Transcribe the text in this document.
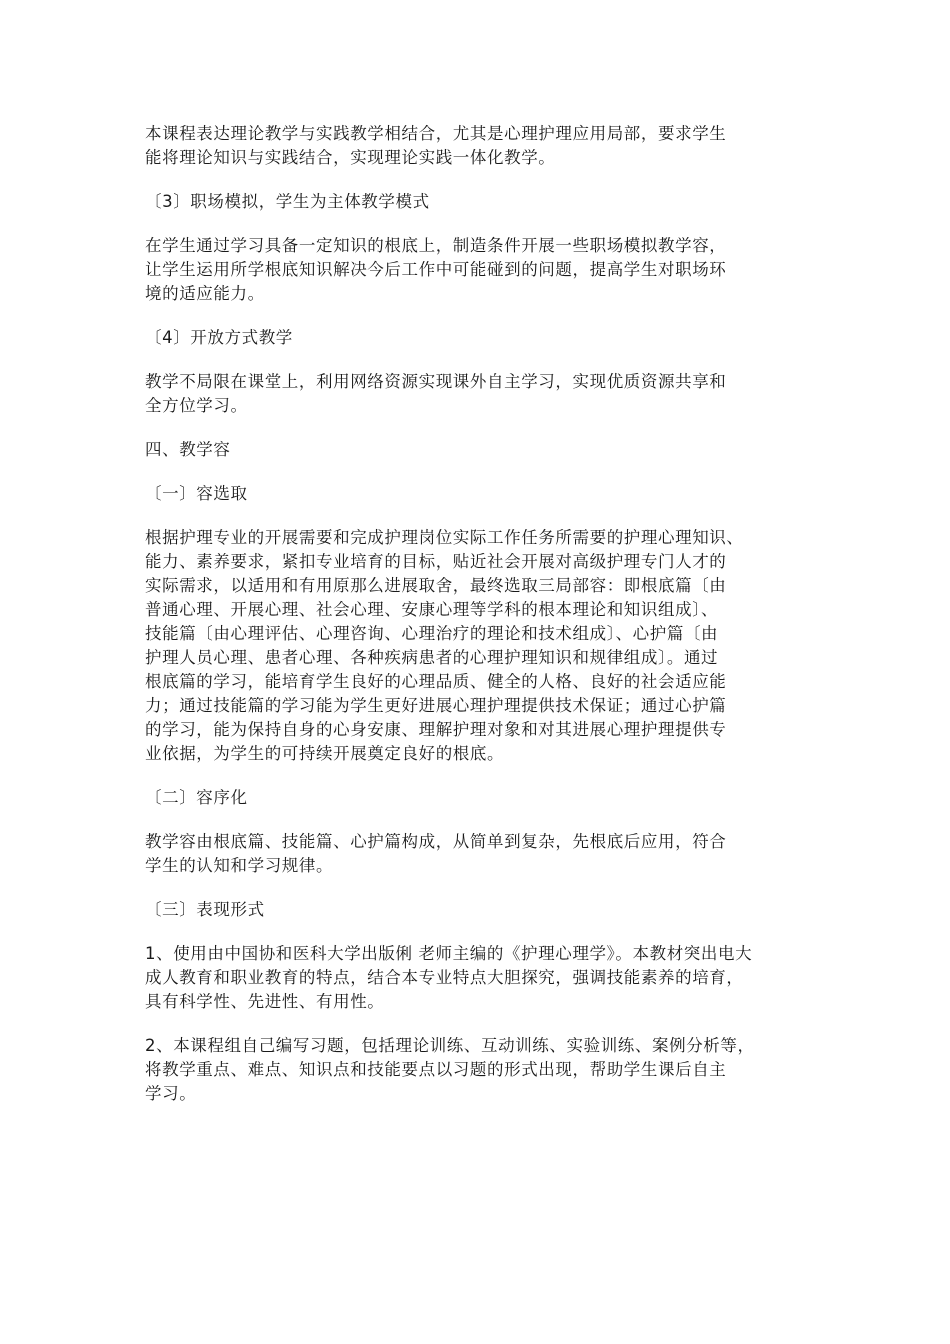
本课程表达理论教学与实践教学相结合，尤其是心理护理应用局部，要求学生
能将理论知识与实践结合，实现理论实践一体化教学。

〔3〕职场模拟，学生为主体教学模式

在学生通过学习具备一定知识的根底上，制造条件开展一些职场模拟教学容，
让学生运用所学根底知识解决今后工作中可能碰到的问题，提高学生对职场环
境的适应能力。

〔4〕开放方式教学

教学不局限在课堂上，利用网络资源实现课外自主学习，实现优质资源共享和
全方位学习。

四、教学容

〔一〕容选取

根据护理专业的开展需要和完成护理岗位实际工作任务所需要的护理心理知识、
能力、素养要求，紧扣专业培育的目标，贴近社会开展对高级护理专门人才的
实际需求，以适用和有用原那么进展取舍，最终选取三局部容：即根底篇〔由
普通心理、开展心理、社会心理、安康心理等学科的根本理论和知识组成〕、
技能篇〔由心理评估、心理咨询、心理治疗的理论和技术组成〕、心护篇〔由
护理人员心理、患者心理、各种疾病患者的心理护理知识和规律组成〕。通过
根底篇的学习，能培育学生良好的心理品质、健全的人格、良好的社会适应能
力；通过技能篇的学习能为学生更好进展心理护理提供技术保证；通过心护篇
的学习，能为保持自身的心身安康、理解护理对象和对其进展心理护理提供专
业依据，为学生的可持续开展奠定良好的根底。

〔二〕容序化

教学容由根底篇、技能篇、心护篇构成，从简单到复杂，先根底后应用，符合
学生的认知和学习规律。

〔三〕表现形式

1、使用由中国协和医科大学出版俐 老师主编的《护理心理学》。本教材突出电大
成人教育和职业教育的特点，结合本专业特点大胆探究，强调技能素养的培育，
具有科学性、先进性、有用性。

2、本课程组自己编写习题，包括理论训练、互动训练、实验训练、案例分析等，
将教学重点、难点、知识点和技能要点以习题的形式出现，帮助学生课后自主
学习。
